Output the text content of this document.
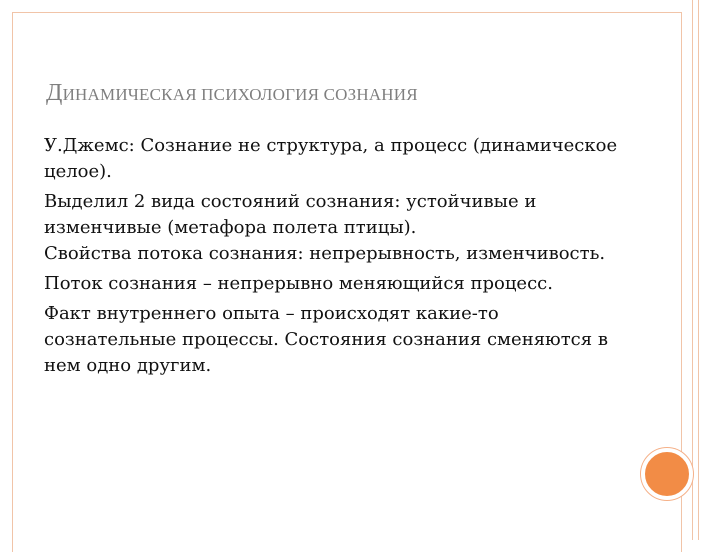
ДИНАМИЧЕСКАЯ ПСИХОЛОГИЯ СОЗНАНИЯ
У.Джемс: Сознание не структура, а процесс (динамическое целое).
Выделил 2 вида состояний сознания: устойчивые и изменчивые (метафора полета птицы).
Свойства потока сознания: непрерывность, изменчивость.
Поток сознания – непрерывно меняющийся процесс.
Факт внутреннего опыта – происходят какие-то сознательные процессы. Состояния сознания сменяются в нем одно другим.
